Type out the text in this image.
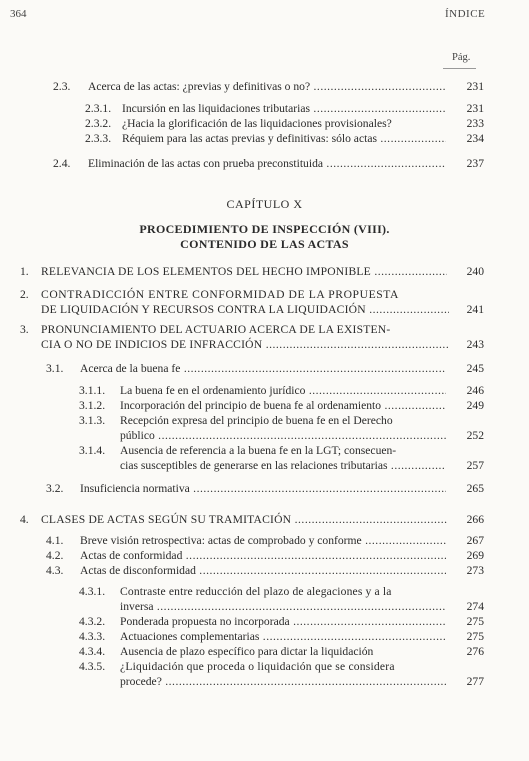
364	ÍNDICE
Pág.
2.3. Acerca de las actas: ¿previas y definitivas o no? .....	231
2.3.1. Incursión en las liquidaciones tributarias .....	231
2.3.2. ¿Hacia la glorificación de las liquidaciones provisionales?	233
2.3.3. Réquiem para las actas previas y definitivas: sólo actas .....	234
2.4. Eliminación de las actas con prueba preconstituida .....	237
CAPÍTULO X
PROCEDIMIENTO DE INSPECCIÓN (VIII).
CONTENIDO DE LAS ACTAS
1. RELEVANCIA DE LOS ELEMENTOS DEL HECHO IMPONIBLE .....	240
2. CONTRADICCIÓN ENTRE CONFORMIDAD DE LA PROPUESTA
DE LIQUIDACIÓN Y RECURSOS CONTRA LA LIQUIDACIÓN .....	241
3. PRONUNCIAMIENTO DEL ACTUARIO ACERCA DE LA EXISTEN-
CIA O NO DE INDICIOS DE INFRACCIÓN .....	243
3.1. Acerca de la buena fe .....	245
3.1.1. La buena fe en el ordenamiento jurídico .....	246
3.1.2. Incorporación del principio de buena fe al ordenamiento .....	249
3.1.3. Recepción expresa del principio de buena fe en el Derecho
público .....	252
3.1.4. Ausencia de referencia a la buena fe en la LGT; consecuen-
cias susceptibles de generarse en las relaciones tributarias .....	257
3.2. Insuficiencia normativa .....	265
4. CLASES DE ACTAS SEGÚN SU TRAMITACIÓN .....	266
4.1. Breve visión retrospectiva: actas de comprobado y conforme .....	267
4.2. Actas de conformidad .....	269
4.3. Actas de disconformidad .....	273
4.3.1. Contraste entre reducción del plazo de alegaciones y a la
inversa .....	274
4.3.2. Ponderada propuesta no incorporada .....	275
4.3.3. Actuaciones complementarias .....	275
4.3.4. Ausencia de plazo específico para dictar la liquidación	276
4.3.5. ¿Liquidación que proceda o liquidación que se considera
procede? .....	277
